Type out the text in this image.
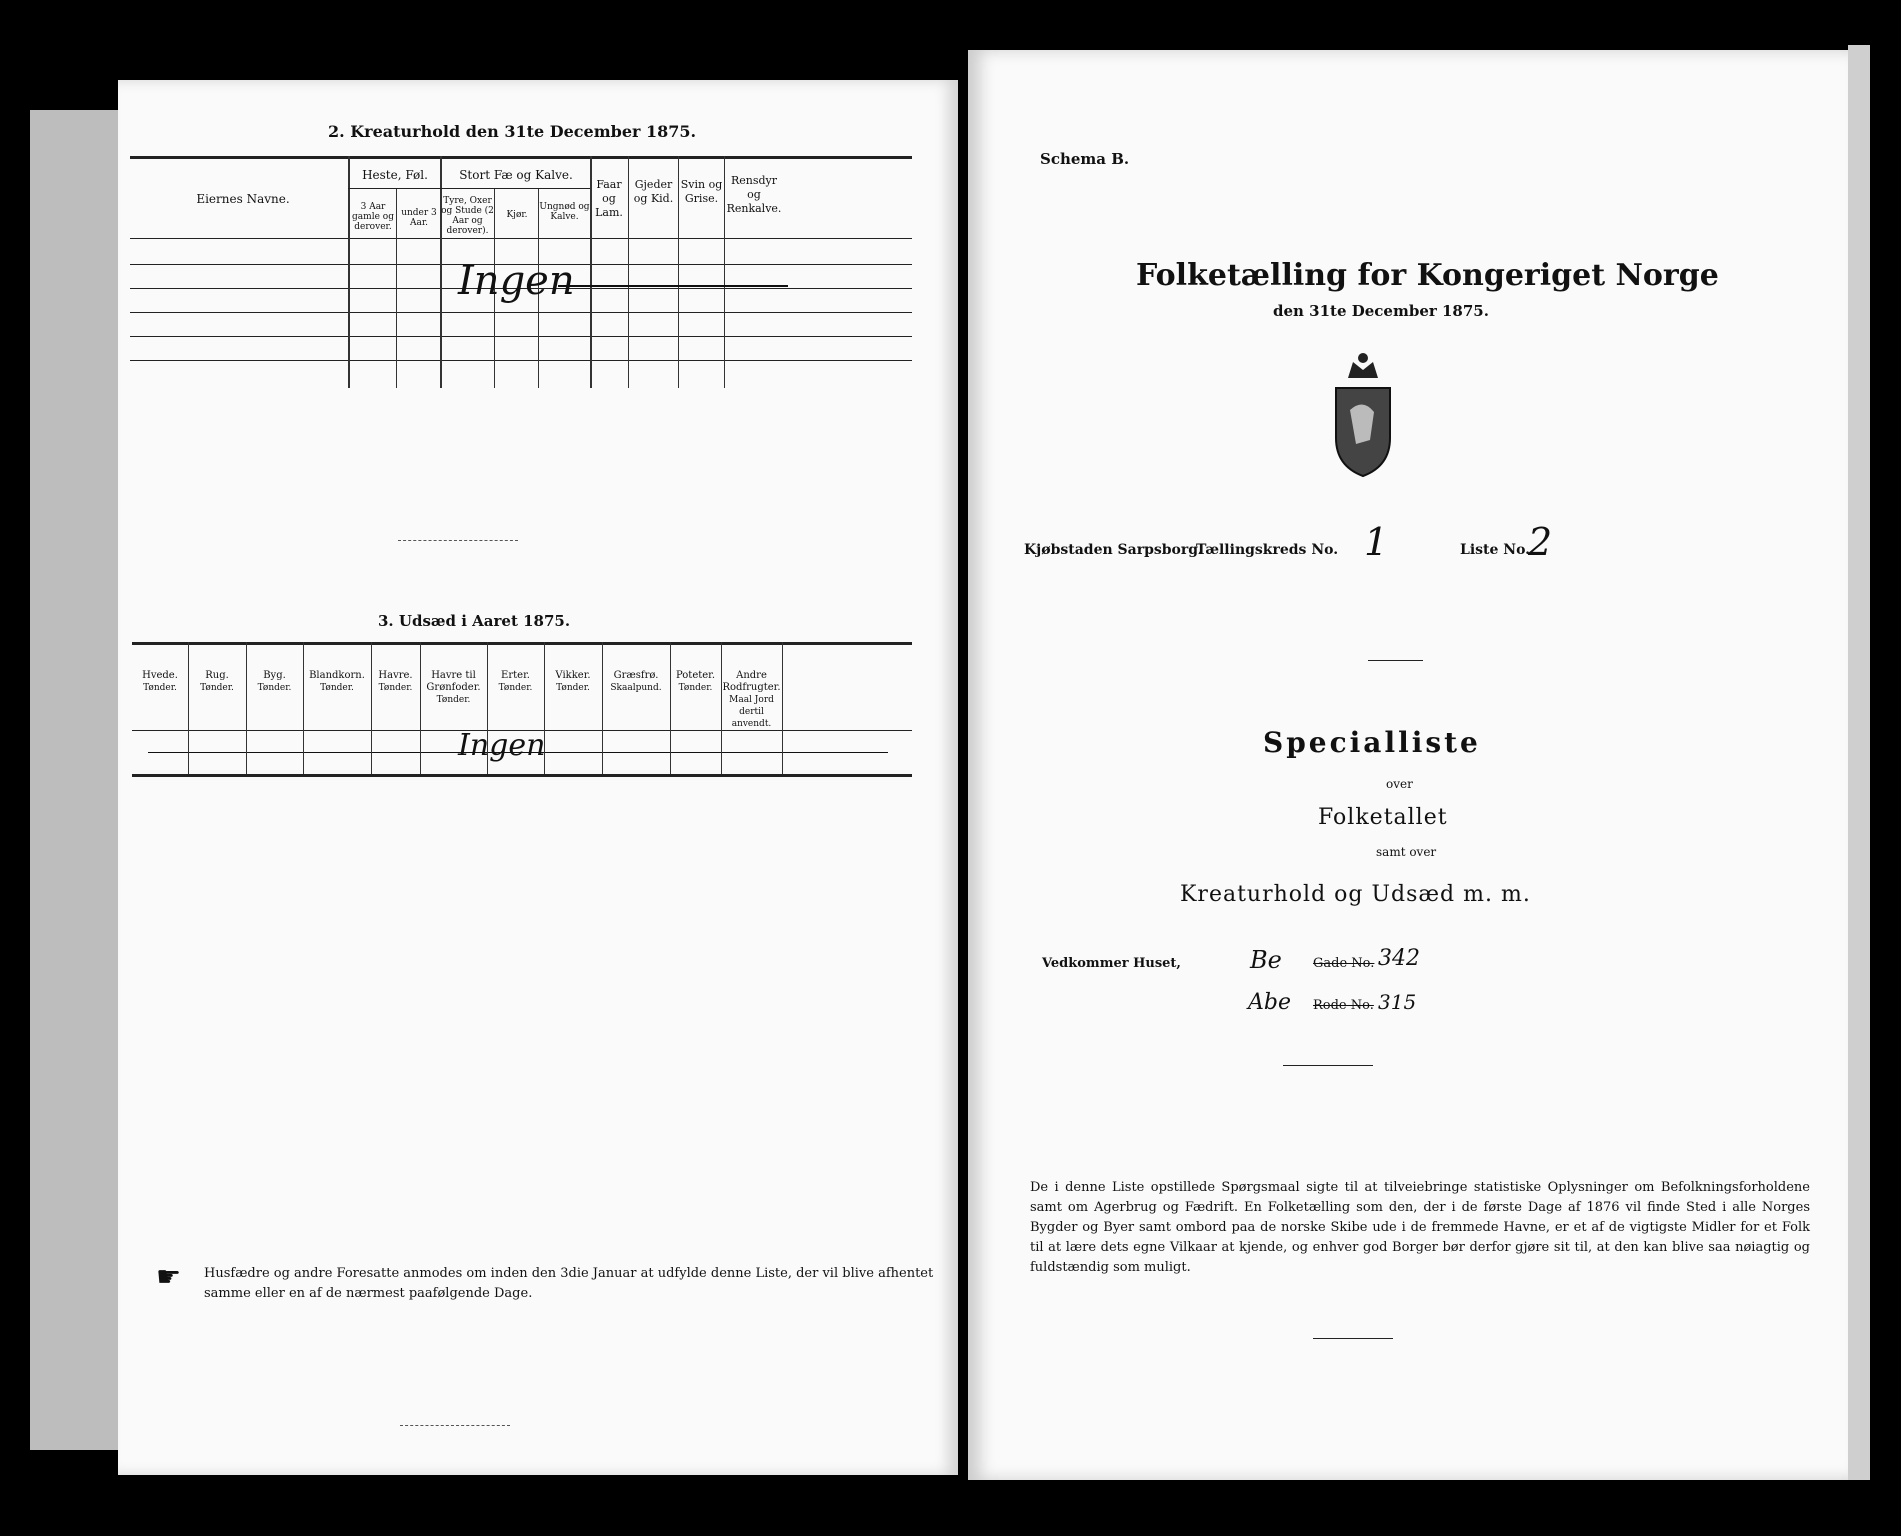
2. Kreaturhold den 31te December 1875.
Eiernes Navne.
Heste, Føl.
3 Aar gamle og derover.
under 3 Aar.
Stort Fæ og Kalve.
Tyre, Oxer og Stude (2 Aar og derover).
Kjør.
Ungnød og Kalve.
Faar og Lam.
Gjeder og Kid.
Svin og Grise.
Rensdyr og Renkalve.
Ingen
3. Udsæd i Aaret 1875.
Ingen
☛ Husfædre og andre Foresatte anmodes om inden den 3die Januar at udfylde denne Liste, der vil blive afhentet samme eller en af de nærmest paafølgende Dage.
Hvede.
Tønder.
Rug.
Tønder.
Byg.
Tønder.
Blandkorn.
Tønder.
Havre.
Tønder.
Havre til Grønfoder.
Tønder.
Erter.
Tønder.
Vikker.
Tønder.
Græsfrø.
Skaalpund.
Poteter.
Tønder.
Andre Rodfrugter.
Maal Jord dertil anvendt.
Schema B.
Folketælling for Kongeriget Norge
den 31te December 1875.
Kjøbstaden Sarpsborg.
Tællingskreds No. 1	Liste No.
2
Specialliste
over
Folketallet
samt over
Kreaturhold og Udsæd m. m.
Vedkommer Huset,	Be Gade No. 342
Abe Rode No. 315
De i denne Liste opstillede Spørgsmaal sigte til at tilveiebringe statistiske Oplysninger om Befolkningsforholdene samt om Agerbrug og Fædrift. En Folketælling som den, der i de første Dage af 1876 vil finde Sted i alle Norges Bygder og Byer samt ombord paa de norske Skibe ude i de fremmede Havne, er et af de vigtigste Midler for et Folk til at lære dets egne Vilkaar at kjende, og enhver god Borger bør derfor gjøre sit til, at den kan blive saa nøiagtig og fuldstændig som muligt.
